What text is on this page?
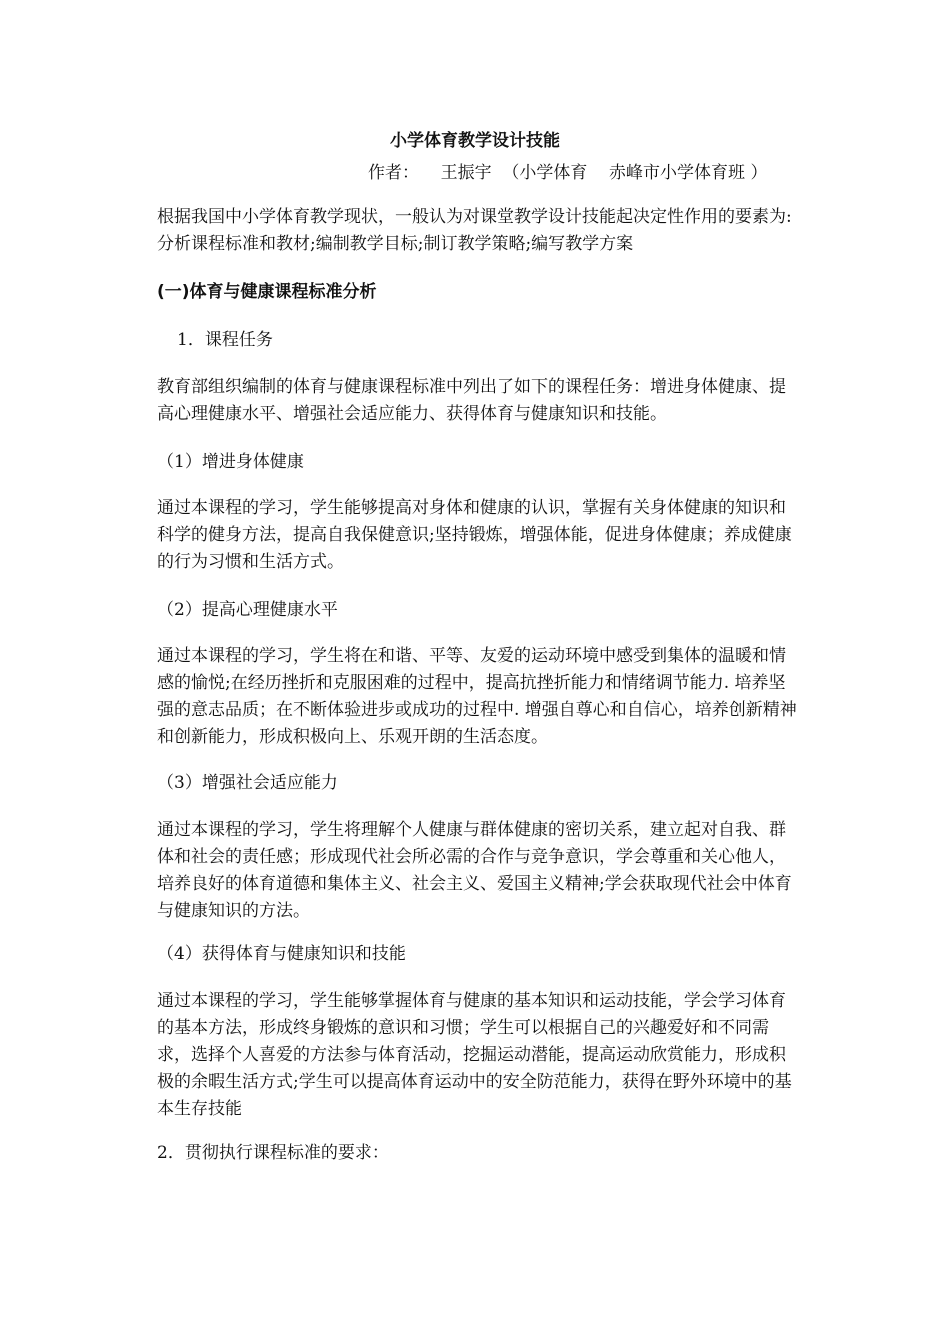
小学体育教学设计技能
作者：    王振宇  （小学体育    赤峰市小学体育班 ）

根据我国中小学体育教学现状，一般认为对课堂教学设计技能起决定性作用的要素为:分析课程标准和教材;编制教学目标;制订教学策略;编写教学方案

(一)体育与健康课程标准分析

1．课程任务

教育部组织编制的体育与健康课程标准中列出了如下的课程任务：增进身体健康、提高心理健康水平、增强社会适应能力、获得体育与健康知识和技能。

（1）增进身体健康

通过本课程的学习，学生能够提高对身体和健康的认识，掌握有关身体健康的知识和科学的健身方法，提高自我保健意识;坚持锻炼，增强体能，促进身体健康；养成健康的行为习惯和生活方式。

（2）提高心理健康水平

通过本课程的学习，学生将在和谐、平等、友爱的运动环境中感受到集体的温暖和情感的愉悦;在经历挫折和克服困难的过程中，提高抗挫折能力和情绪调节能力. 培养坚强的意志品质；在不断体验进步或成功的过程中. 增强自尊心和自信心，培养创新精神和创新能力，形成积极向上、乐观开朗的生活态度。

（3）增强社会适应能力

通过本课程的学习，学生将理解个人健康与群体健康的密切关系，建立起对自我、群体和社会的责任感；形成现代社会所必需的合作与竞争意识，学会尊重和关心他人，培养良好的体育道德和集体主义、社会主义、爱国主义精神;学会获取现代社会中体育与健康知识的方法。

（4）获得体育与健康知识和技能

通过本课程的学习，学生能够掌握体育与健康的基本知识和运动技能，学会学习体育的基本方法，形成终身锻炼的意识和习惯；学生可以根据自己的兴趣爱好和不同需求，选择个人喜爱的方法参与体育活动，挖掘运动潜能，提高运动欣赏能力，形成积极的余暇生活方式;学生可以提高体育运动中的安全防范能力，获得在野外环境中的基本生存技能

2．贯彻执行课程标准的要求：
